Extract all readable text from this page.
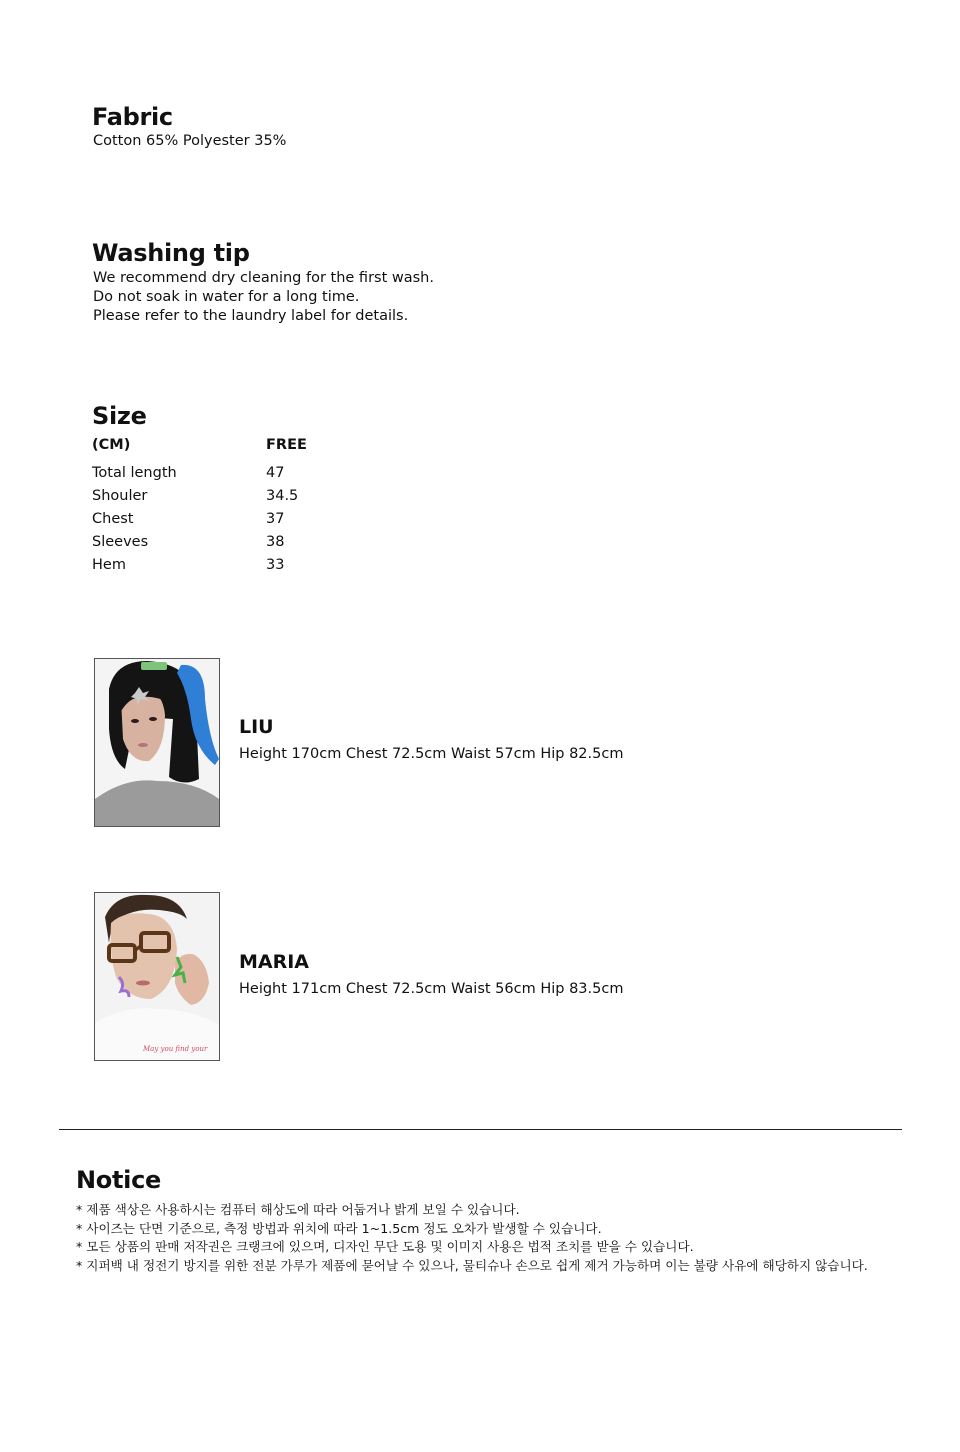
Fabric
Cotton 65% Polyester 35%
Washing tip
We recommend dry cleaning for the first wash.
Do not soak in water for a long time.
Please refer to the laundry label for details.
Size
(CM)	FREE
Total length	47
Shouler	34.5
Chest	37
Sleeves	38
Hem	33
LIU
Height 170cm Chest 72.5cm Waist 57cm Hip 82.5cm
May you find your
MARIA
Height 171cm Chest 72.5cm Waist 56cm Hip 83.5cm
Notice
* 제품 색상은 사용하시는 컴퓨터 해상도에 따라 어둡거나 밝게 보일 수 있습니다.
* 사이즈는 단면 기준으로, 측정 방법과 위치에 따라 1~1.5cm 정도 오차가 발생할 수 있습니다.
* 모든 상품의 판매 저작권은 크랭크에 있으며, 디자인 무단 도용 및 이미지 사용은 법적 조치를 받을 수 있습니다.
* 지퍼백 내 정전기 방지를 위한 전분 가루가 제품에 묻어날 수 있으나, 물티슈나 손으로 쉽게 제거 가능하며 이는 불량 사유에 해당하지 않습니다.
